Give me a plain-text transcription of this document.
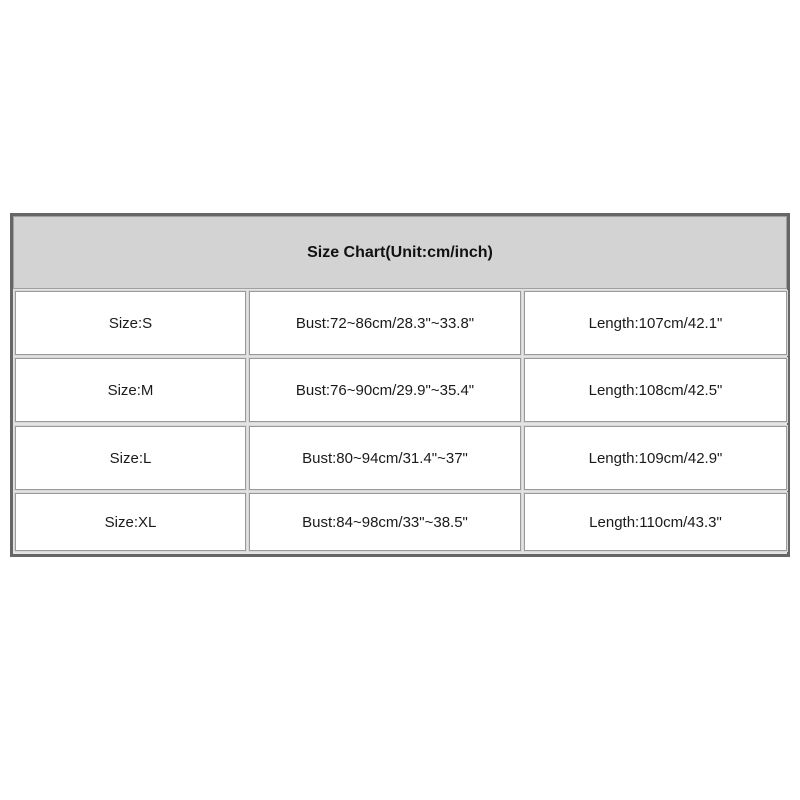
Size Chart(Unit:cm/inch)
Size:S	Bust:72~86cm/28.3"~33.8"	Length:107cm/42.1"
Size:M	Bust:76~90cm/29.9"~35.4"	Length:108cm/42.5"
Size:L	Bust:80~94cm/31.4"~37"	Length:109cm/42.9"
Size:XL	Bust:84~98cm/33"~38.5"	Length:110cm/43.3"
